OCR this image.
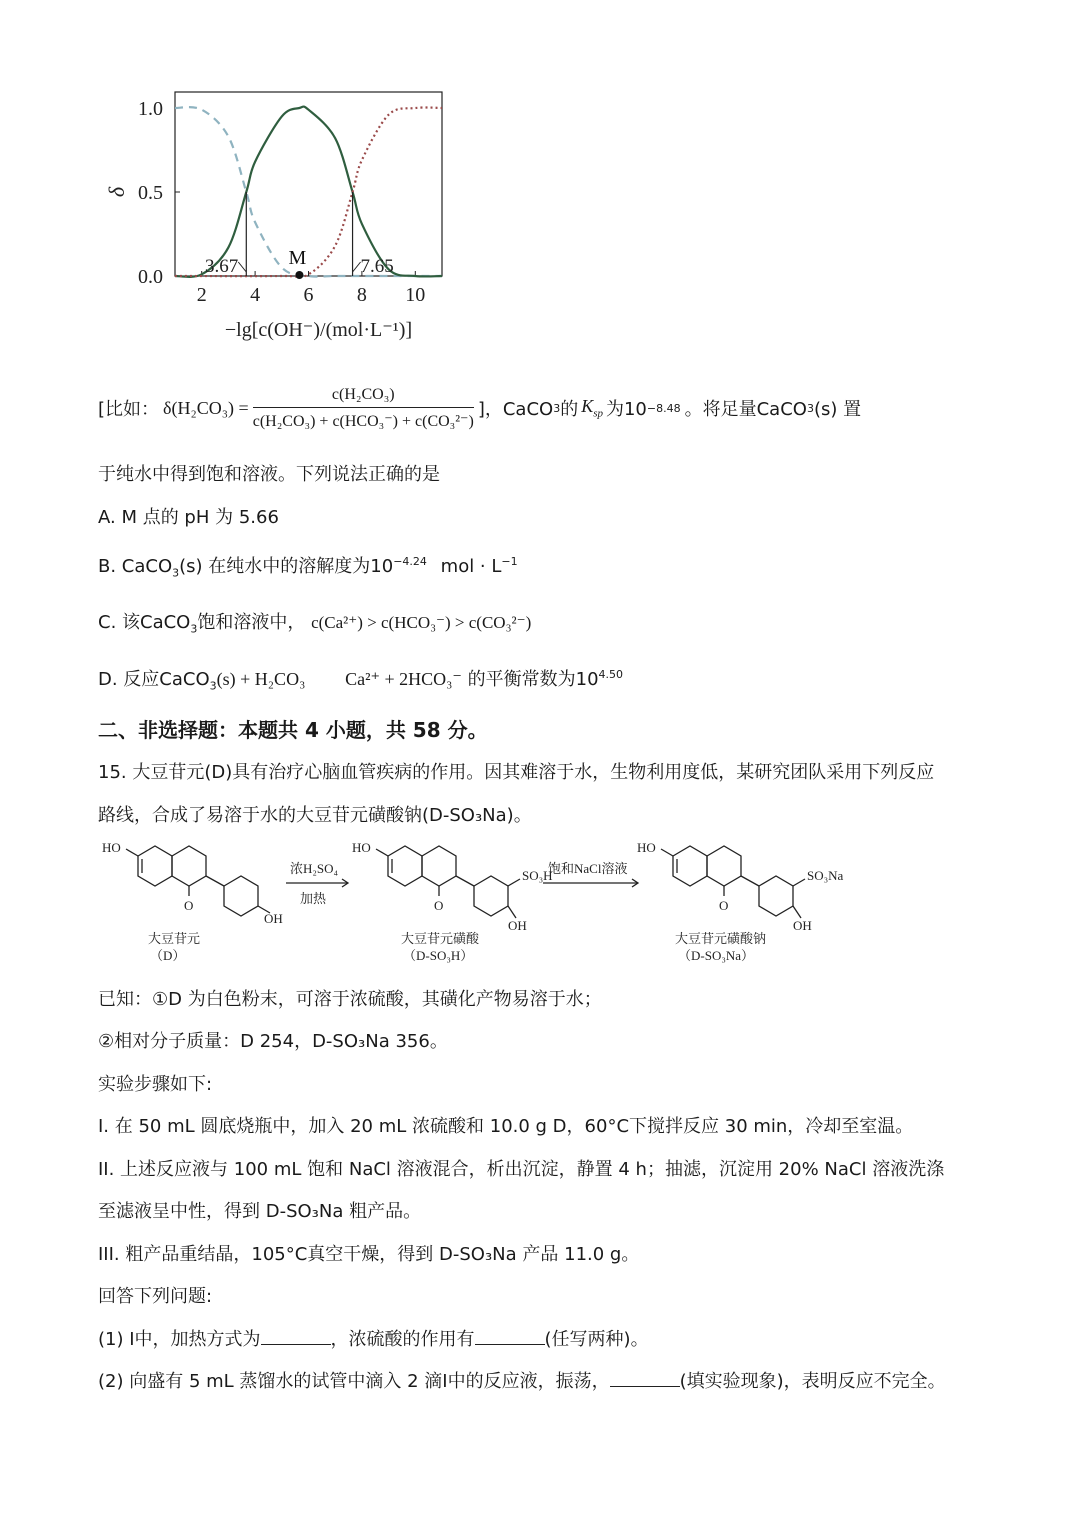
2 4 6 8 10
0.0
0.5
1.0
δ
−lg[c(OH⁻)/(mol·L⁻¹)]
M
3.67	7.65
[比如： $\delta(H_2CO_3) = \frac{\text{c(H₂CO₃)}}{\text{c(H₂CO₃) + c(HCO₃⁻) + c(CO₃²⁻)}}$ ]，CaCO 3 的 $K_{sp}$ 为10 −8.48 。将足量CaCO 3 (s) 置
于纯水中得到饱和溶液。下列说法正确的是
A. M 点的 pH 为 5.66
B. CaCO$_3$(s) 在纯水中的溶解度为$10^{-4.24}$ mol · $L^{-1}$
C. 该CaCO$_3$饱和溶液中， c(Ca²⁺) > c(HCO₃⁻) > c(CO₃²⁻)
D. 反应CaCO$_3$(s) + H₂CO₃ Ca²⁺ + 2HCO₃⁻ 的平衡常数为$10^{4.50}$
二、非选择题：本题共 4 小题，共 58 分。
15. 大豆苷元(D)具有治疗心脑血管疾病的作用。因其难溶于水，生物利用度低，某研究团队采用下列反应
路线，合成了易溶于水的大豆苷元磺酸钠(D-SO₃Na)。
HO
O
OH
HO
O
SO₃H
OH
HO
O
SO₃Na
OH
浓H₂SO₄
加热
饱和NaCl溶液
大豆苷元
（D）
大豆苷元磺酸
（D-SO₃H）
大豆苷元磺酸钠
（D-SO₃Na）
已知：①D 为白色粉末，可溶于浓硫酸，其磺化产物易溶于水；
②相对分子质量：D 254，D-SO₃Na 356。
实验步骤如下:
I. 在 50 mL 圆底烧瓶中，加入 20 mL 浓硫酸和 10.0 g D，60°C下搅拌反应 30 min，冷却至室温。
II. 上述反应液与 100 mL 饱和 NaCl 溶液混合，析出沉淀，静置 4 h；抽滤，沉淀用 20% NaCl 溶液洗涤
至滤液呈中性，得到 D-SO₃Na 粗产品。
III. 粗产品重结晶，105°C真空干燥，得到 D-SO₃Na 产品 11.0 g。
回答下列问题:
(1) I中，加热方式为	，浓硫酸的作用有	(任写两种)。
(2) 向盛有 5 mL 蒸馏水的试管中滴入 2 滴I中的反应液，振荡，	(填实验现象)，表明反应不完全。
